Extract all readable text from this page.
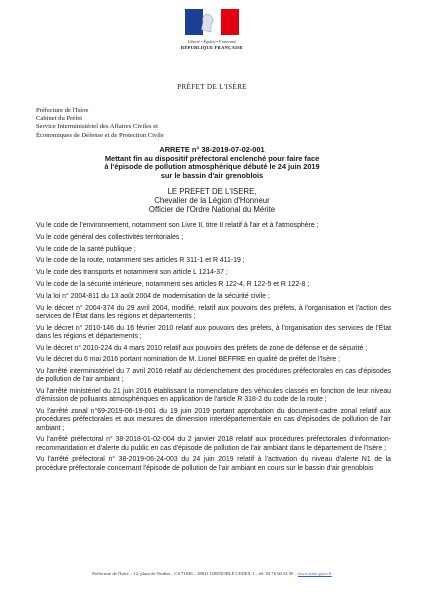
Liberté • Égalité • Fraternité
RÉPUBLIQUE FRANÇAISE
PRÉFET DE L'ISÈRE
Préfecture de l'Isère
Cabinet du Préfet
Service Interministériel des Affaires Civiles et
Économiques de Défense et de Protection Civile
ARRETE n° 38-2019-07-02-001
Mettant fin au dispositif préfectoral enclenché pour faire face
à l'épisode de pollution atmosphérique débuté le 24 juin 2019
sur le bassin d'air grenoblois
LE PREFET DE L'ISERE,
Chevalier de la Légion d'Honneur
Officier de l'Ordre National du Mérite

Vu le code de l'environnement, notamment son Livre II, titre II relatif à l'air et à l'atmosphère ;

Vu le code général des collectivités territoriales ;

Vu le code de la santé publique ;

Vu le code de la route, notamment ses articles R 311-1 et R 411-19 ;

Vu le code des transports et notamment son article L 1214-37 ;

Vu le code de la sécurité intérieure, notamment ses articles R 122-4, R 122-5 et R 122-8 ;

Vu la loi n° 2004-811 du 13 août 2004 de modernisation de la sécurité civile ;

Vu le décret n° 2004-374 du 29 avril 2004, modifié, relatif aux pouvoirs des préfets, à l'organisation et l'action des services de l'État dans les régions et départements ;

Vu le décret n° 2010-146 du 16 février 2010 relatif aux pouvoirs des préfets, à l'organisation des services de l'État dans les régions et départements ;

Vu le décret n° 2010-224 du 4 mars 2010 relatif aux pouvoirs des préfets de zone de défense et de sécurité ;

Vu le décret du 6 mai 2016 portant nomination de M. Lionel BEFFRE en qualité de préfet de l'Isère ;

Vu l'arrêté interministériel du 7 avril 2016 relatif au déclenchement des procédures préfectorales en cas d'épisodes de pollution de l'air ambiant ;

Vu l'arrêté ministériel du 21 juin 2016 établissant la nomenclature des véhicules classés en fonction de leur niveau d'émission de polluants atmosphériques en application de l'article R 318-2 du code de la route ;

Vu l'arrêté zonal n°69-2019-06-19-001 du 19 juin 2019 portant approbation du document-cadre zonal relatif aux procédures préfectorales et aux mesures de dimension interdépartementale en cas d'épisodes de pollution de l'air ambiant ;

Vu l'arrêté préfectoral n° 38-2018-01-02-004 du 2 janvier 2018 relatif aux procédures préfectorales d'information-recommandation et d'alerte du public en cas d'épisode de pollution de l'air ambiant dans le département de l'Isère ;

Vu l'arrêté préfectoral n° 38-2019-06-24-003 du 24 juin 2019 relatif à l'activation du niveau d'alerte N1 de la procédure préfectorale concernant l'épisode de pollution de l'air ambiant en cours sur le bassin d'air grenoblois

Préfecture de l'Isère – 12, place de Verdun – CS 71046 – 38021 GRENOBLE CEDEX 1 – tél. 04 76 60 34 00 – www.isere.gouv.fr
